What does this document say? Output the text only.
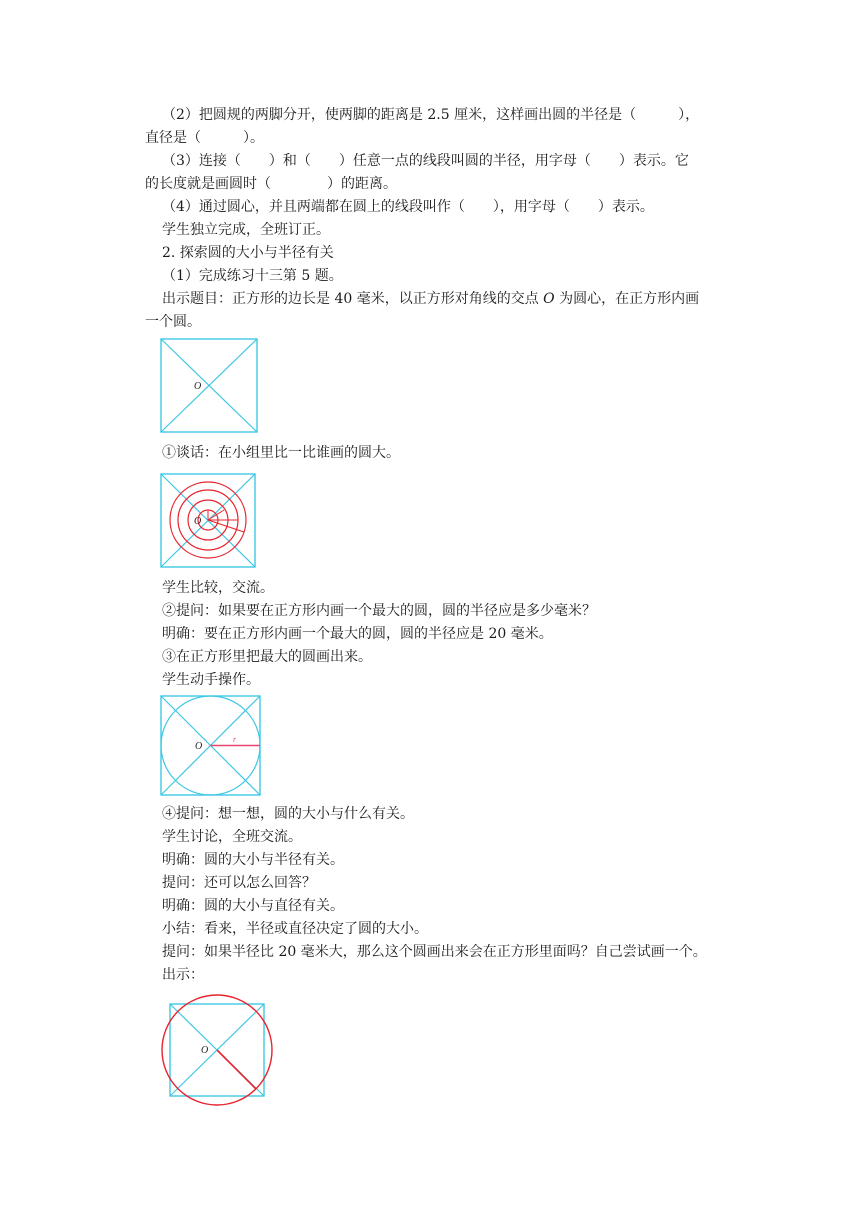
（2）把圆规的两脚分开，使两脚的距离是 2.5 厘米，这样画出圆的半径是（　　　），
直径是（　　　）。
（3）连接（　　）和（　　）任意一点的线段叫圆的半径，用字母（　　）表示。它
的长度就是画圆时（　　　　）的距离。
（4）通过圆心，并且两端都在圆上的线段叫作（　　），用字母（　　）表示。
学生独立完成，全班订正。
2. 探索圆的大小与半径有关
（1）完成练习十三第 5 题。
出示题目：正方形的边长是 40 毫米，以正方形对角线的交点 O 为圆心，在正方形内画
一个圆。
O
①谈话：在小组里比一比谁画的圆大。
O
学生比较，交流。
②提问：如果要在正方形内画一个最大的圆，圆的半径应是多少毫米？
明确：要在正方形内画一个最大的圆，圆的半径应是 20 毫米。
③在正方形里把最大的圆画出来。
学生动手操作。
r
O
④提问：想一想，圆的大小与什么有关。
学生讨论，全班交流。
明确：圆的大小与半径有关。
提问：还可以怎么回答？
明确：圆的大小与直径有关。
小结：看来，半径或直径决定了圆的大小。
提问：如果半径比 20 毫米大，那么这个圆画出来会在正方形里面吗？自己尝试画一个。
出示：
O
